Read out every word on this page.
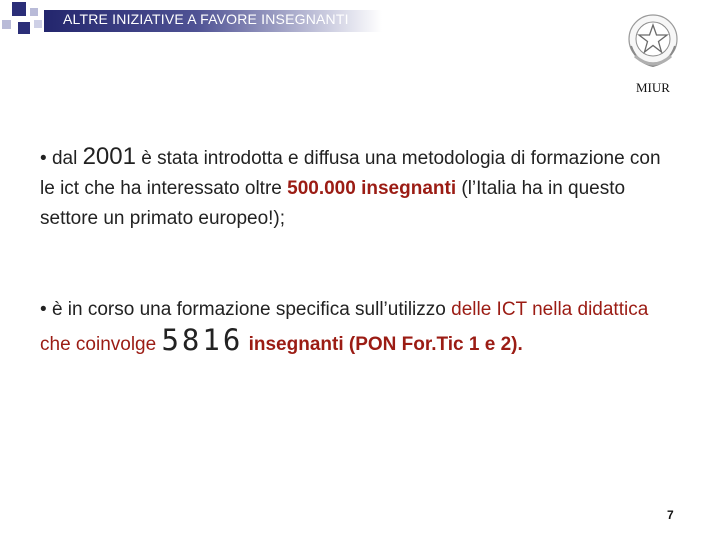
ALTRE INIZIATIVE A FAVORE INSEGNANTI
MIUR
• dal 2001 è stata introdotta e diffusa una metodologia di formazione con le ict che ha interessato oltre 500.000 insegnanti (l’Italia ha in questo settore un primato europeo!);
• è in corso una formazione specifica sull’utilizzo delle ICT nella didattica che coinvolge 5816 insegnanti (PON For.Tic 1 e 2).
7
